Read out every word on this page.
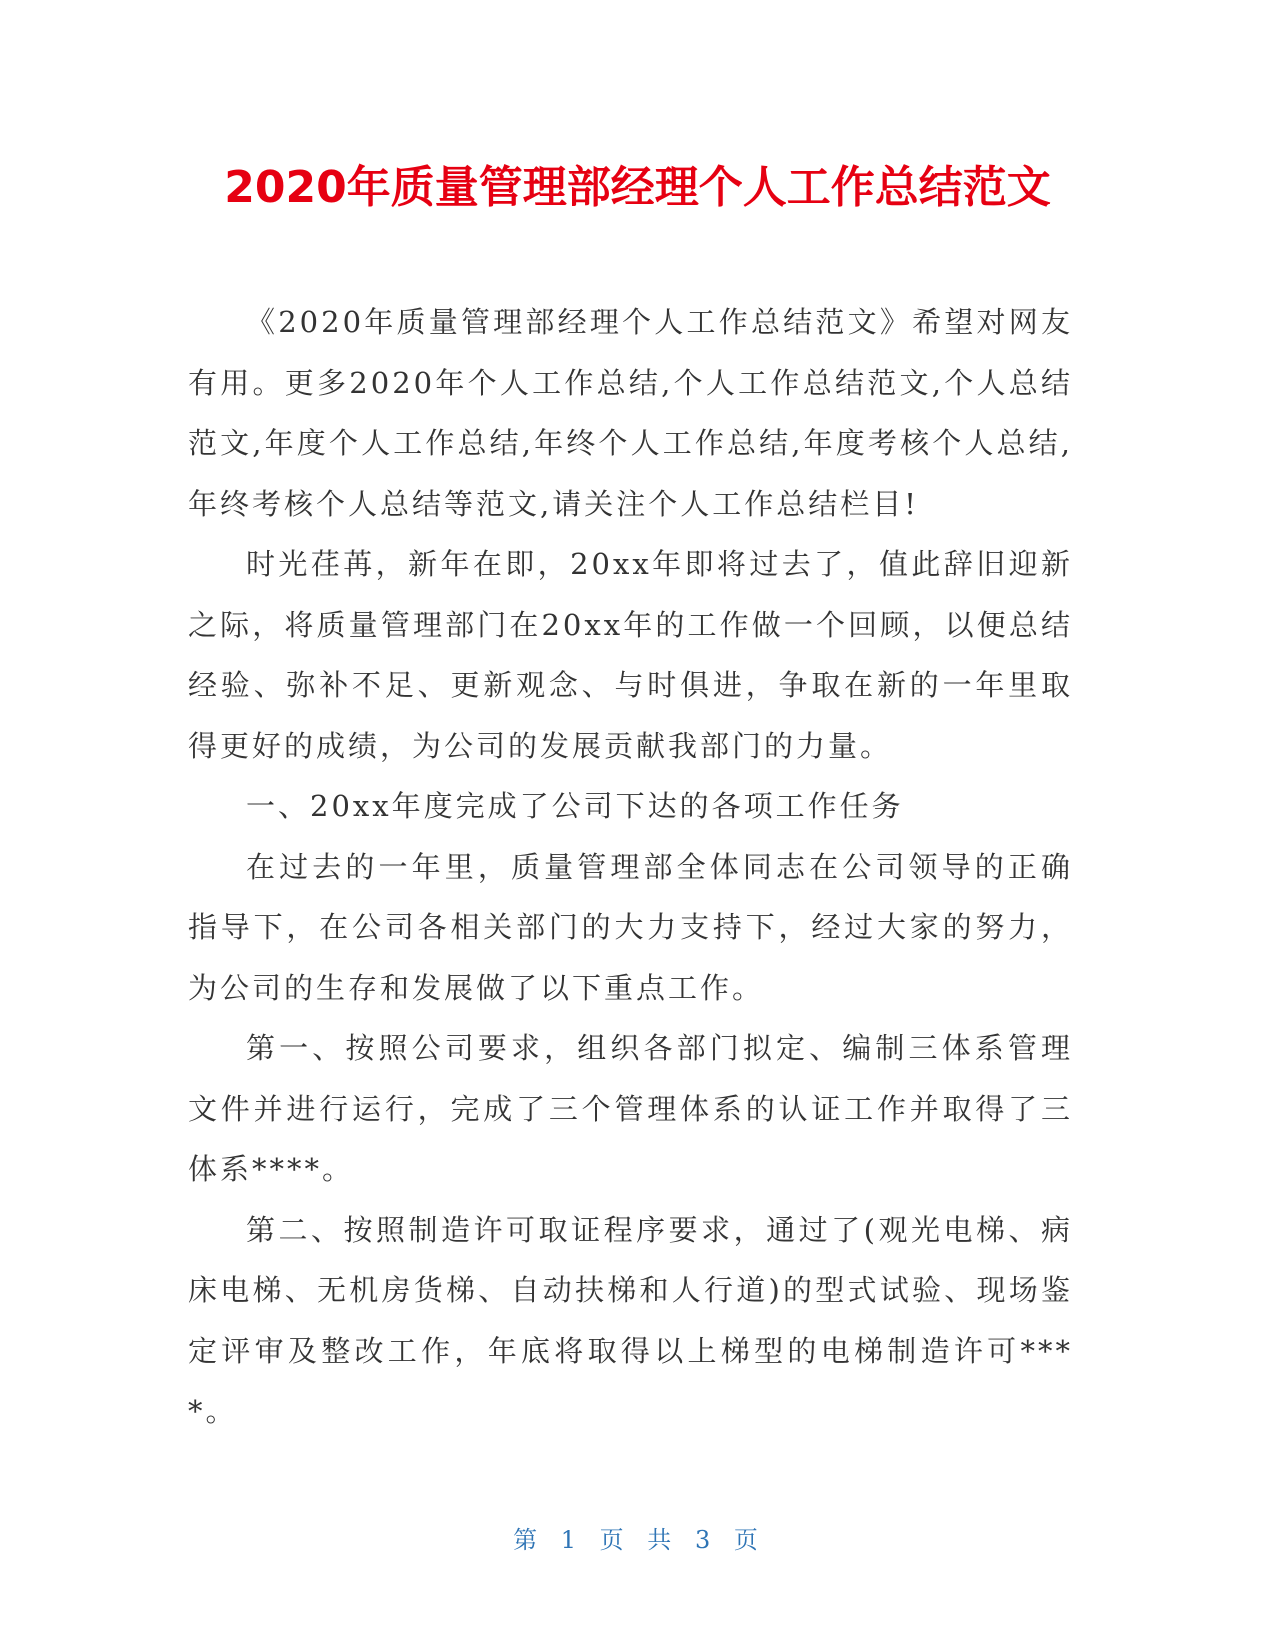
2020年质量管理部经理个人工作总结范文

《2020年质量管理部经理个人工作总结范文》希望对网友有用。更多2020年个人工作总结,个人工作总结范文,个人总结范文,年度个人工作总结,年终个人工作总结,年度考核个人总结,年终考核个人总结等范文,请关注个人工作总结栏目!

时光荏苒，新年在即，20xx年即将过去了，值此辞旧迎新之际，将质量管理部门在20xx年的工作做一个回顾，以便总结经验、弥补不足、更新观念、与时俱进，争取在新的一年里取得更好的成绩，为公司的发展贡献我部门的力量。

一、20xx年度完成了公司下达的各项工作任务

在过去的一年里，质量管理部全体同志在公司领导的正确指导下，在公司各相关部门的大力支持下，经过大家的努力，为公司的生存和发展做了以下重点工作。

第一、按照公司要求，组织各部门拟定、编制三体系管理文件并进行运行，完成了三个管理体系的认证工作并取得了三体系****。

第二、按照制造许可取证程序要求，通过了(观光电梯、病床电梯、无机房货梯、自动扶梯和人行道)的型式试验、现场鉴定评审及整改工作，年底将取得以上梯型的电梯制造许可****。

第 1 页 共 3 页
